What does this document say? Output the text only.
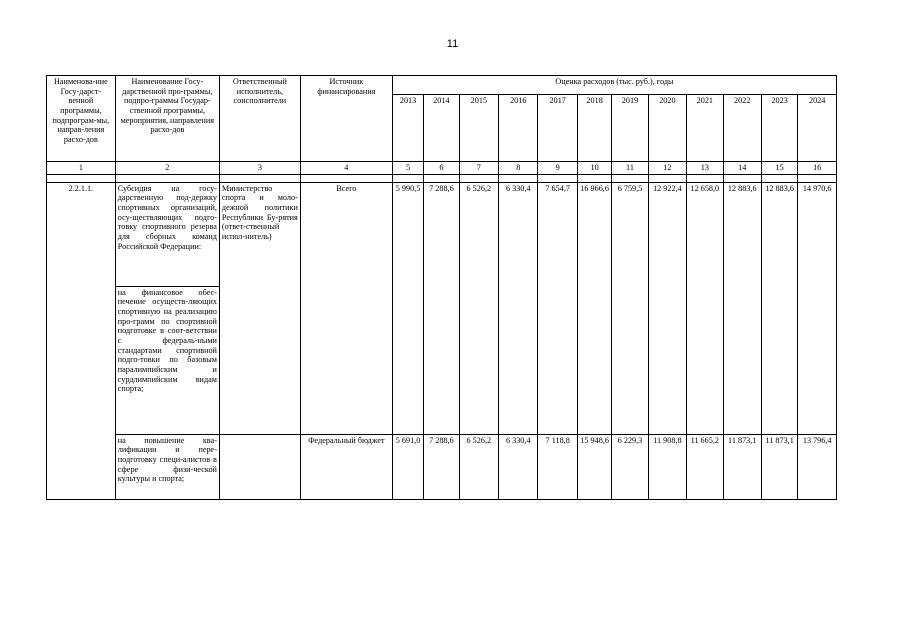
11
Наименова-ние Госу-дарст-венной программы, подпрограм-мы, направ-ления расхо-дов	Наименование Госу-дарственной про-граммы, подпро-граммы Государ-ственной программы, мероприятия, направления расхо-дов	Ответственный исполнитель, соисполнители	Источник финансирования	Оценка расходов (тыс. руб.), годы											
				2013	2014	2015	2016	2017	2018	2019	2020	2021	2022	2023	2024
1	2	3	4	5	6	7	8	9	10	11	12	13	14	15	16

2.2.1.1.	Субсидия на госу-дарственную под-держку спортивных организаций, осу-ществляющих подго-товку спортивного резерва для сборных команд Российской Федерации:	Министерство спорта и моло-дежной политики Республики Бу-рятия (ответ-ственный испол-нитель)	Всего	5 990,5	7 288,6	6 526,2	6 330,4	7 654,7	16 966,6	6 759,5	12 922,4	12 658,0	12 883,6	12 883,6	14 970,6
	на финансовое обес-печение осуществ-ляющих спортивную на реализацию про-грамм по спортивной подготовке в соот-ветствии с федераль-ными стандартами спортивной подго-товки по базовым паралимпийским и сурдлимпийским видам спорта;														
	на повышение ква-лификации и пере-подготовку специ-алистов в сфере физи-ческой культуры и спорта;		Федеральный бюджет	5 691,0	7 288,6	6 526,2	6 330,4	7 118,8	15 948,6	6 229,3	11 908,8	11 665,2	11 873,1	11 873,1	13 796,4
